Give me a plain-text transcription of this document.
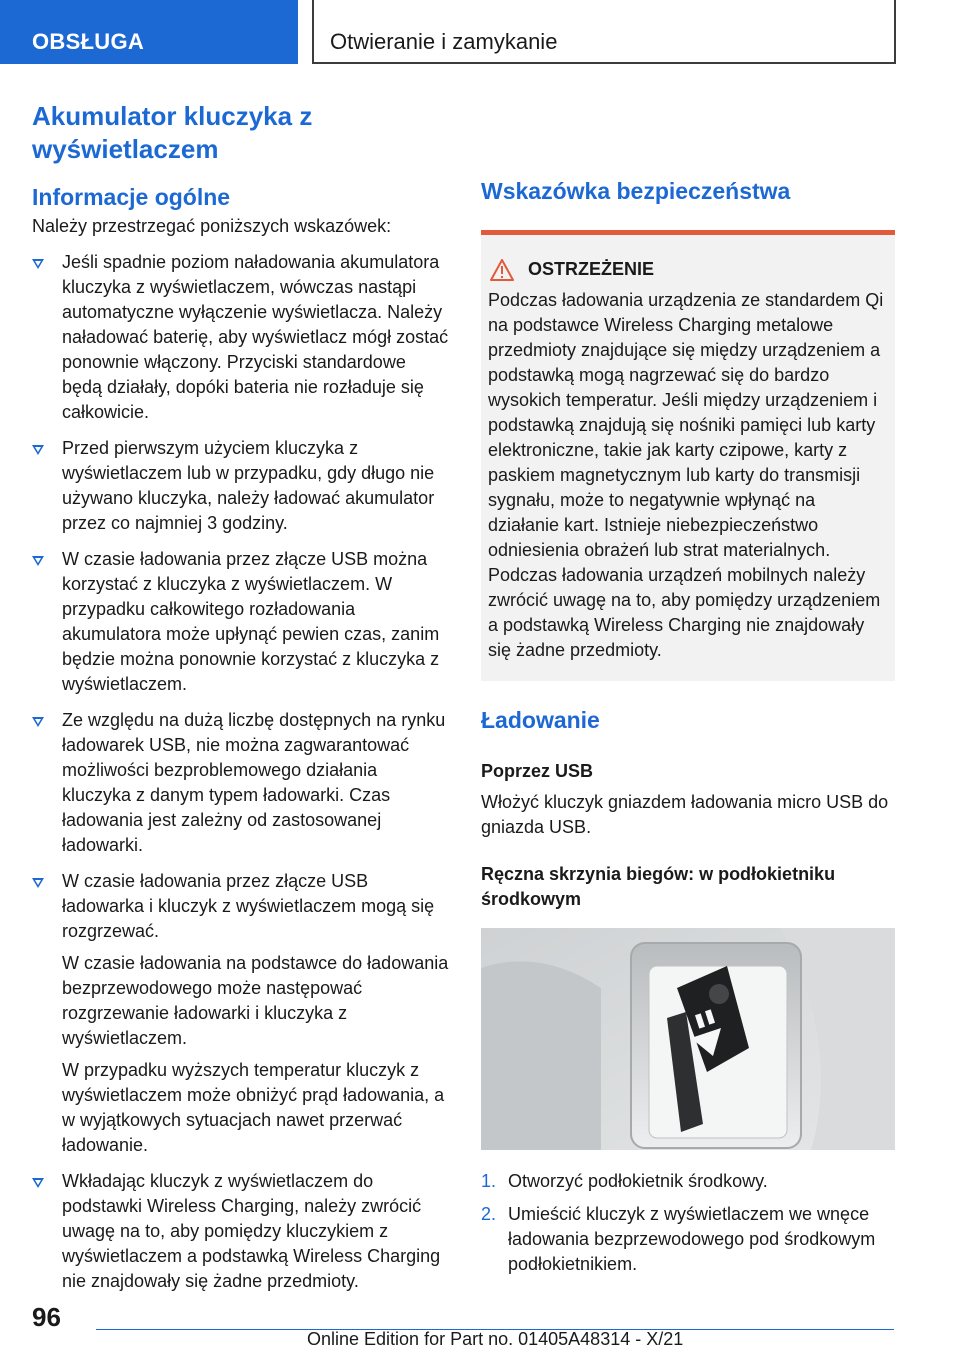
OBSŁUGA	Otwieranie i zamykanie
Akumulator kluczyka z wyświetlaczem
Informacje ogólne

Należy przestrzegać poniższych wskazówek:

Jeśli spadnie poziom naładowania akumulatora kluczyka z wyświetlaczem, wówczas nastąpi automatyczne wyłączenie wyświetlacza. Należy naładować baterię, aby wyświetlacz mógł zostać ponownie włączony. Przyciski standardowe będą działały, dopóki bateria nie rozładuje się całkowicie.

Przed pierwszym użyciem kluczyka z wyświetlaczem lub w przypadku, gdy długo nie używano kluczyka, należy ładować akumulator przez co najmniej 3 godziny.

W czasie ładowania przez złącze USB można korzystać z kluczyka z wyświetlaczem. W przypadku całkowitego rozładowania akumulatora może upłynąć pewien czas, zanim będzie można ponownie korzystać z kluczyka z wyświetlaczem.

Ze względu na dużą liczbę dostępnych na rynku ładowarek USB, nie można zagwarantować możliwości bezproblemowego działania kluczyka z danym typem ładowarki. Czas ładowania jest zależny od zastosowanej ładowarki.

W czasie ładowania przez złącze USB ładowarka i kluczyk z wyświetlaczem mogą się rozgrzewać.

W czasie ładowania na podstawce do ładowania bezprzewodowego może następować rozgrzewanie ładowarki i kluczyka z wyświetlaczem.

W przypadku wyższych temperatur kluczyk z wyświetlaczem może obniżyć prąd ładowania, a w wyjątkowych sytuacjach nawet przerwać ładowanie.

Wkładając kluczyk z wyświetlaczem do podstawki Wireless Charging, należy zwrócić uwagę na to, aby pomiędzy kluczykiem z wyświetlaczem a podstawką Wireless Charging nie znajdowały się żadne przedmioty.

Wskazówka bezpieczeństwa
OSTRZEŻENIE

Podczas ładowania urządzenia ze standardem Qi na podstawce Wireless Charging metalowe przedmioty znajdujące się między urządzeniem a podstawką mogą nagrzewać się do bardzo wysokich temperatur. Jeśli między urządzeniem i podstawką znajdują się nośniki pamięci lub karty elektroniczne, takie jak karty czipowe, karty z paskiem magnetycznym lub karty do transmisji sygnału, może to negatywnie wpłynąć na działanie kart. Istnieje niebezpieczeństwo odniesienia obrażeń lub strat materialnych. Podczas ładowania urządzeń mobilnych należy zwrócić uwagę na to, aby pomiędzy urządzeniem a podstawką Wireless Charging nie znajdowały się żadne przedmioty.

Ładowanie
Poprzez USB

Włożyć kluczyk gniazdem ładowania micro USB do gniazda USB.

Ręczna skrzynia biegów: w podłokietniku środkowym
1. Otworzyć podłokietnik środkowy.

2. Umieścić kluczyk z wyświetlaczem we wnęce ładowania bezprzewodowego pod środkowym podłokietnikiem.

96
Online Edition for Part no. 01405A48314 - X/21
